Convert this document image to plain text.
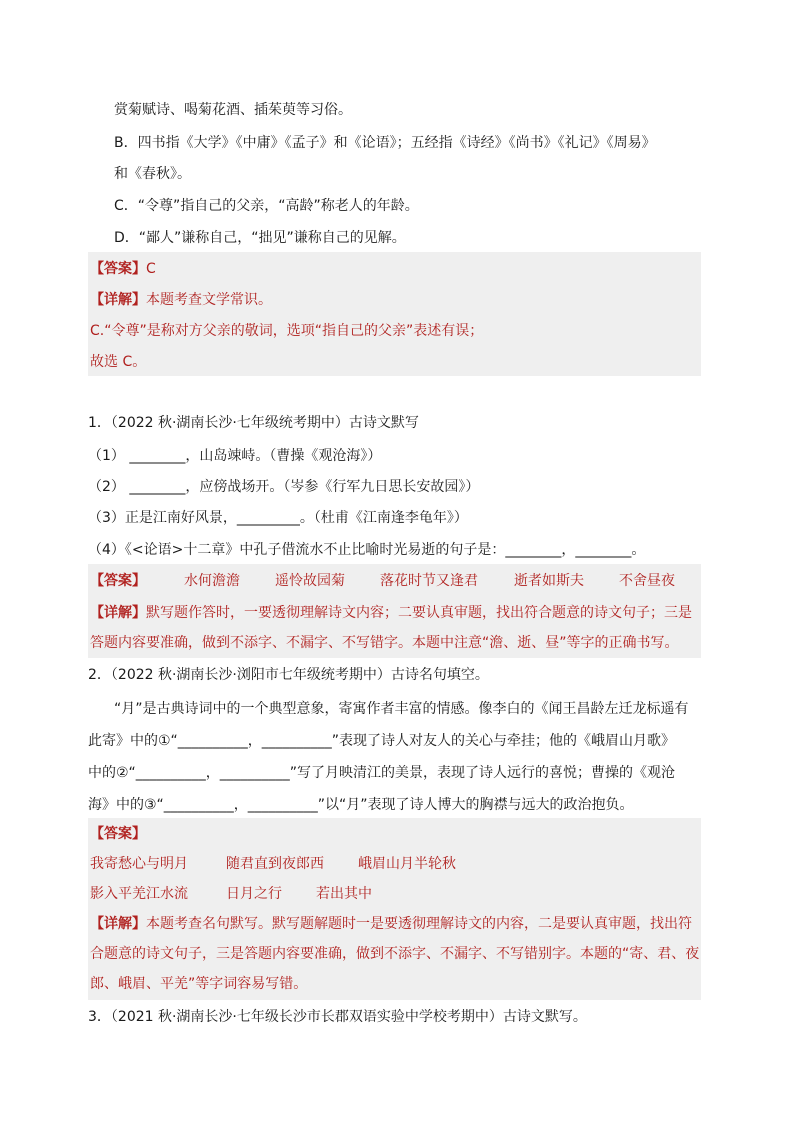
赏菊赋诗、喝菊花酒、插茱萸等习俗。
B．四书指《大学》《中庸》《孟子》和《论语》；五经指《诗经》《尚书》《礼记》《周易》
和《春秋》。
C．“令尊”指自己的父亲，“高龄”称老人的年龄。
D．“鄙人”谦称自己，“拙见”谦称自己的见解。
【答案】C
【详解】本题考查文学常识。
C.“令尊”是称对方父亲的敬词，选项“指自己的父亲”表述有误；
故选 C。
1．（2022 秋·湖南长沙·七年级统考期中）古诗文默写
（1） ________，山岛竦峙。（曹操《观沧海》）
（2） ________，应傍战场开。（岑参《行军九日思长安故园》）
（3）正是江南好风景，_________。（杜甫《江南逢李龟年》）
（4）《<论语>十二章》中孔子借流水不止比喻时光易逝的句子是：________，________。
【答案】	水何澹澹	遥怜故园菊	落花时节又逢君	逝者如斯夫	不舍昼夜
【详解】默写题作答时，一要透彻理解诗文内容；二要认真审题，找出符合题意的诗文句子；三是
答题内容要准确，做到不添字、不漏字、不写错字。本题中注意“澹、逝、昼”等字的正确书写。
2．（2022 秋·湖南长沙·浏阳市七年级统考期中）古诗名句填空。
“月”是古典诗词中的一个典型意象，寄寓作者丰富的情感。像李白的《闻王昌龄左迁龙标遥有
此寄》中的①“__________，__________”表现了诗人对友人的关心与牵挂；他的《峨眉山月歌》
中的②“__________，__________”写了月映清江的美景，表现了诗人远行的喜悦；曹操的《观沧
海》中的③“__________，__________”以“月”表现了诗人博大的胸襟与远大的政治抱负。
【答案】
我寄愁心与明月	随君直到夜郎西 峨眉山月半轮秋
影入平羌江水流	日月之行 若出其中
【详解】本题考查名句默写。默写题解题时一是要透彻理解诗文的内容，二是要认真审题，找出符
合题意的诗文句子，三是答题内容要准确，做到不添字、不漏字、不写错别字。本题的“寄、君、夜
郎、峨眉、平羌”等字词容易写错。
3．（2021 秋·湖南长沙·七年级长沙市长郡双语实验中学校考期中）古诗文默写。
